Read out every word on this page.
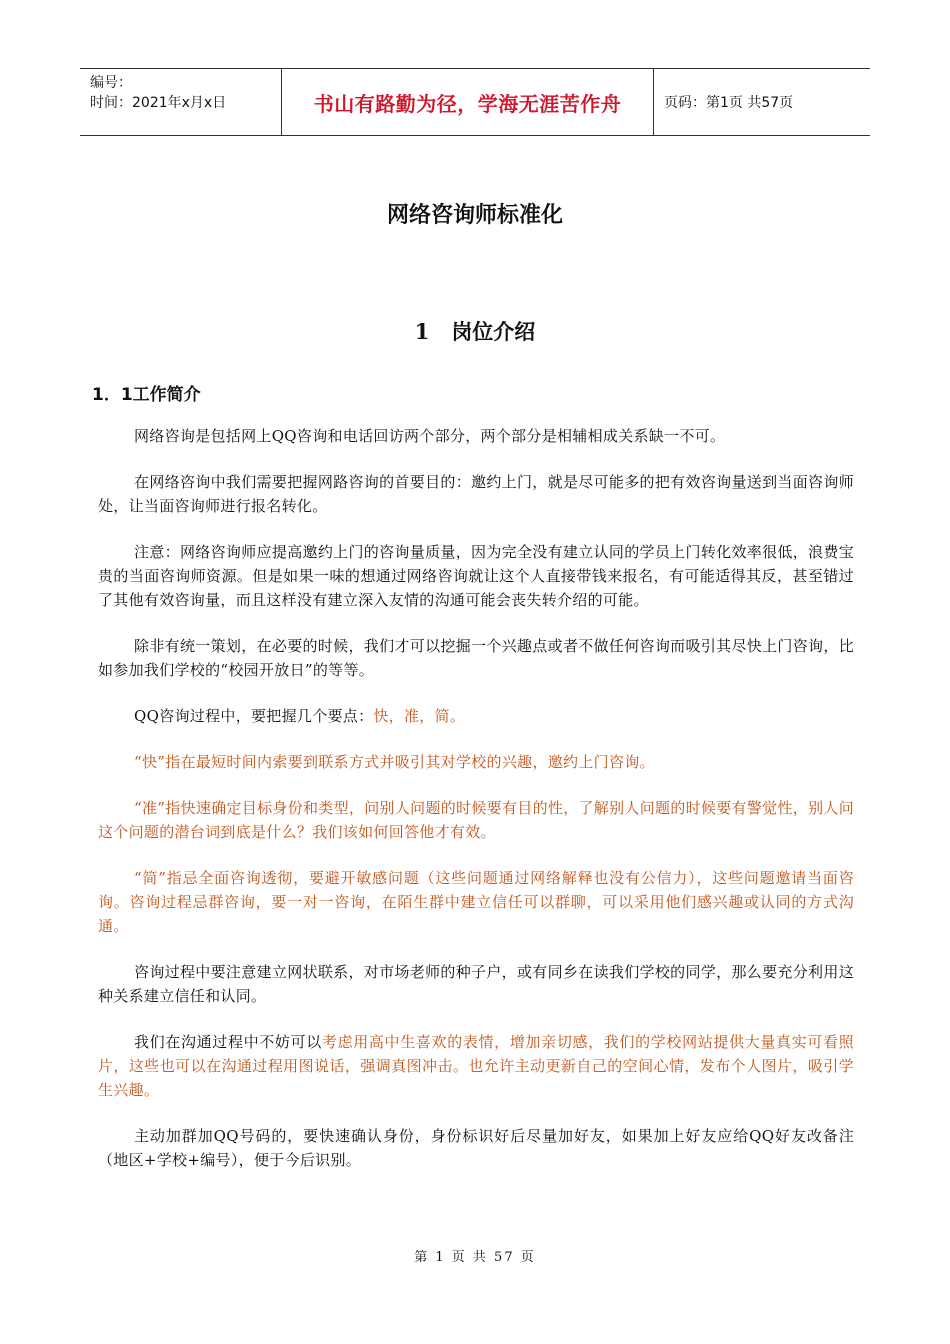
编号：
时间：2021年x月x日	书山有路勤为径，学海无涯苦作舟	页码：第1页 共57页
网络咨询师标准化
1 岗位介绍
1．1工作简介

网络咨询是包括网上QQ咨询和电话回访两个部分，两个部分是相辅相成关系缺一不可。

在网络咨询中我们需要把握网路咨询的首要目的：邀约上门，就是尽可能多的把有效咨询量送到当面咨询师处，让当面咨询师进行报名转化。

注意：网络咨询师应提高邀约上门的咨询量质量，因为完全没有建立认同的学员上门转化效率很低，浪费宝贵的当面咨询师资源。但是如果一味的想通过网络咨询就让这个人直接带钱来报名，有可能适得其反，甚至错过了其他有效咨询量，而且这样没有建立深入友情的沟通可能会丧失转介绍的可能。

除非有统一策划，在必要的时候，我们才可以挖掘一个兴趣点或者不做任何咨询而吸引其尽快上门咨询，比如参加我们学校的“校园开放日”的等等。

QQ咨询过程中，要把握几个要点：快，准，简。

“快”指在最短时间内索要到联系方式并吸引其对学校的兴趣，邀约上门咨询。

“准”指快速确定目标身份和类型，问别人问题的时候要有目的性，了解别人问题的时候要有警觉性，别人问这个问题的潜台词到底是什么？我们该如何回答他才有效。

“简”指忌全面咨询透彻，要避开敏感问题（这些问题通过网络解释也没有公信力），这些问题邀请当面咨询。咨询过程忌群咨询，要一对一咨询，在陌生群中建立信任可以群聊，可以采用他们感兴趣或认同的方式沟通。

咨询过程中要注意建立网状联系，对市场老师的种子户，或有同乡在读我们学校的同学，那么要充分利用这种关系建立信任和认同。

我们在沟通过程中不妨可以考虑用高中生喜欢的表情，增加亲切感，我们的学校网站提供大量真实可看照片，这些也可以在沟通过程用图说话，强调真图冲击。也允许主动更新自己的空间心情，发布个人图片，吸引学生兴趣。

主动加群加QQ号码的，要快速确认身份，身份标识好后尽量加好友，如果加上好友应给QQ好友改备注（地区+学校+编号），便于今后识别。

第 1 页 共 57 页
